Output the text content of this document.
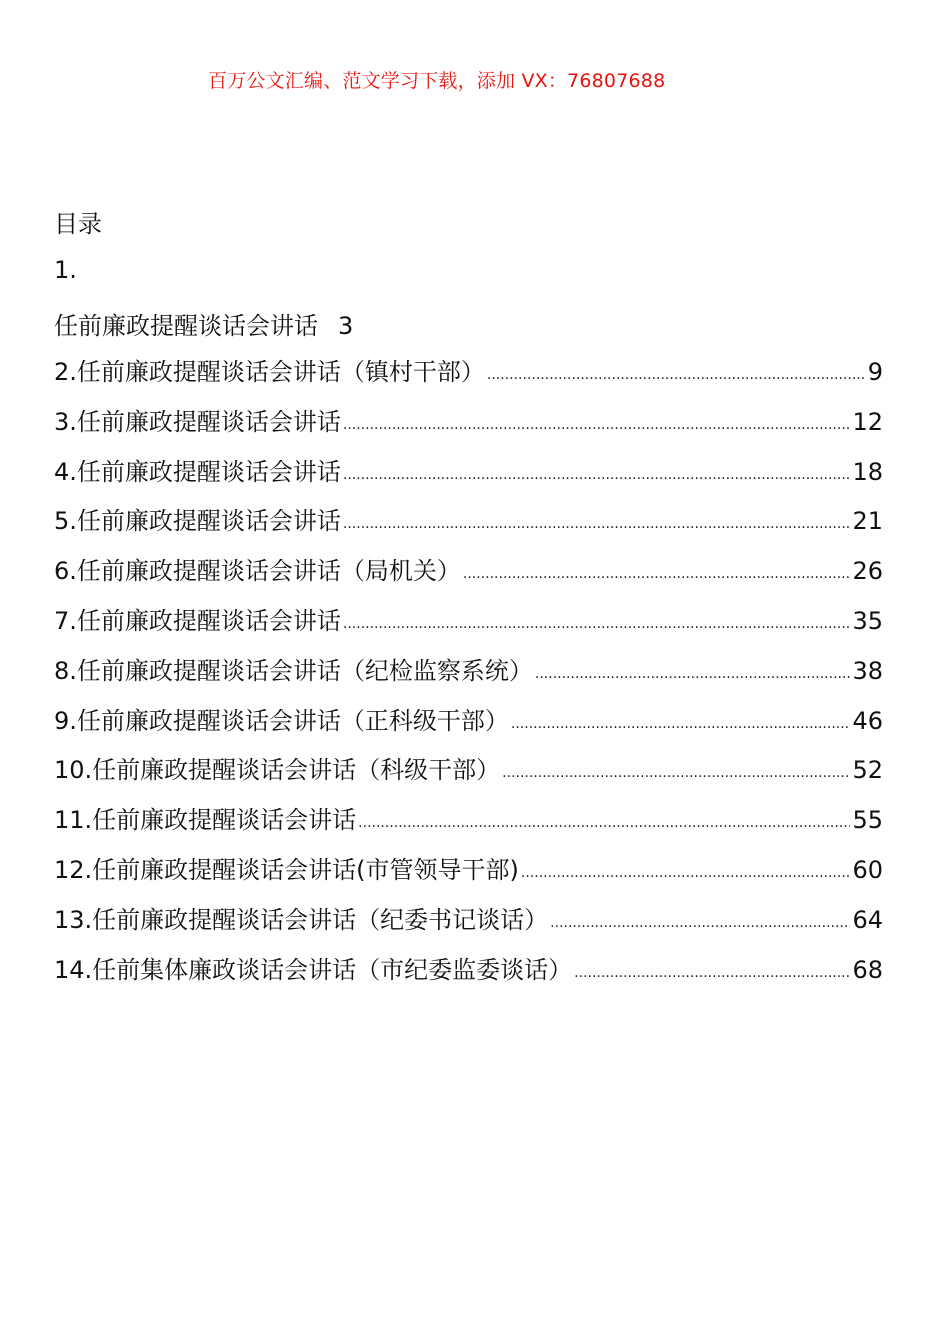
百万公文汇编、范文学习下载，添加 VX：76807688
目录
1.
任前廉政提醒谈话会讲话 3
2.任前廉政提醒谈话会讲话（镇村干部） .....	9
3.任前廉政提醒谈话会讲话 .....	12
4.任前廉政提醒谈话会讲话 .....	18
5.任前廉政提醒谈话会讲话 .....	21
6.任前廉政提醒谈话会讲话（局机关） .....	26
7.任前廉政提醒谈话会讲话 .....	35
8.任前廉政提醒谈话会讲话（纪检监察系统） .....	38
9.任前廉政提醒谈话会讲话（正科级干部） .....	46
10.任前廉政提醒谈话会讲话（科级干部） .....	52
11.任前廉政提醒谈话会讲话 .....	55
12.任前廉政提醒谈话会讲话(市管领导干部) .....	60
13.任前廉政提醒谈话会讲话（纪委书记谈话） .....	64
14.任前集体廉政谈话会讲话（市纪委监委谈话） .....	68
